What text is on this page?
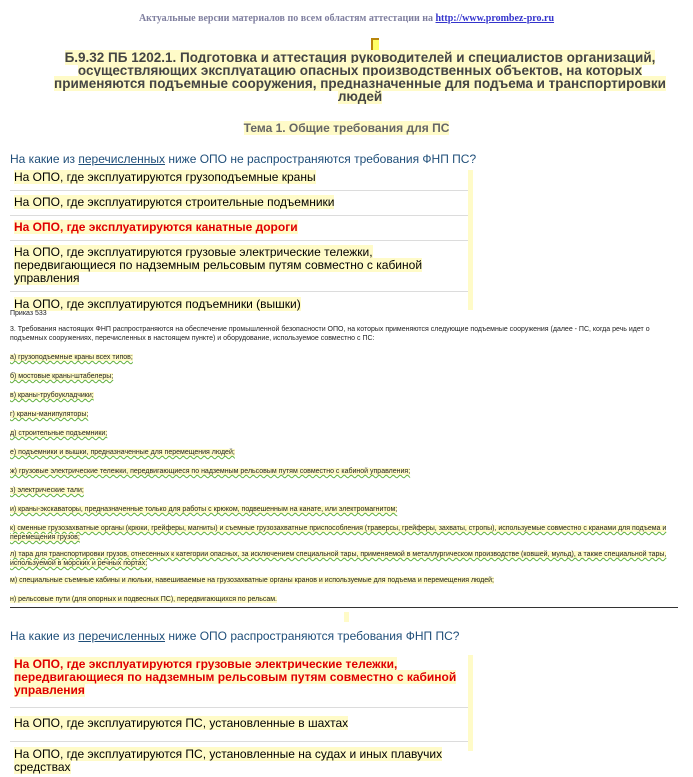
Актуальные версии материалов по всем областям аттестации на http://www.prombez-pro.ru
Б.9.32 ПБ 1202.1. Подготовка и аттестация руководителей и специалистов организаций, осуществляющих эксплуатацию опасных производственных объектов, на которых применяются подъемные сооружения, предназначенные для подъема и транспортировки людей
Тема 1. Общие требования для ПС
На какие из перечисленных ниже ОПО не распространяются требования ФНП ПС?
На ОПО, где эксплуатируются грузоподъемные краны
На ОПО, где эксплуатируются строительные подъемники
На ОПО, где эксплуатируются канатные дороги
На ОПО, где эксплуатируются грузовые электрические тележки, передвигающиеся по надземным рельсовым путям совместно с кабиной управления
На ОПО, где эксплуатируются подъемники (вышки)

Приказ 533

3. Требования настоящих ФНП распространяются на обеспечение промышленной безопасности ОПО, на которых применяются следующие подъемные сооружения (далее - ПС, когда речь идет о подъемных сооружениях, перечисленных в настоящем пункте) и оборудование, используемое совместно с ПС:

а) грузоподъемные краны всех типов;

б) мостовые краны-штабелеры;

в) краны-трубоукладчики;

г) краны-манипуляторы;

д) строительные подъемники;

е) подъемники и вышки, предназначенные для перемещения людей;

ж) грузовые электрические тележки, передвигающиеся по надземным рельсовым путям совместно с кабиной управления;

з) электрические тали;

и) краны-экскаваторы, предназначенные только для работы с крюком, подвешенным на канате, или электромагнитом;

к) сменные грузозахватные органы (крюки, грейферы, магниты) и съемные грузозахватные приспособления (траверсы, грейферы, захваты, стропы), используемые совместно с кранами для подъема и перемещения грузов;

л) тара для транспортировки грузов, отнесенных к категории опасных, за исключением специальной тары, применяемой в металлургическом производстве (ковшей, мульд), а также специальной тары, используемой в морских и речных портах;

м) специальные съемные кабины и люльки, навешиваемые на грузозахватные органы кранов и используемые для подъема и перемещения людей;

н) рельсовые пути (для опорных и подвесных ПС), передвигающихся по рельсам.

На какие из перечисленных ниже ОПО распространяются требования ФНП ПС?
На ОПО, где эксплуатируются грузовые электрические тележки, передвигающиеся по надземным рельсовым путям совместно с кабиной управления
На ОПО, где эксплуатируются ПС, установленные в шахтах
На ОПО, где эксплуатируются ПС, установленные на судах и иных плавучих средствах
